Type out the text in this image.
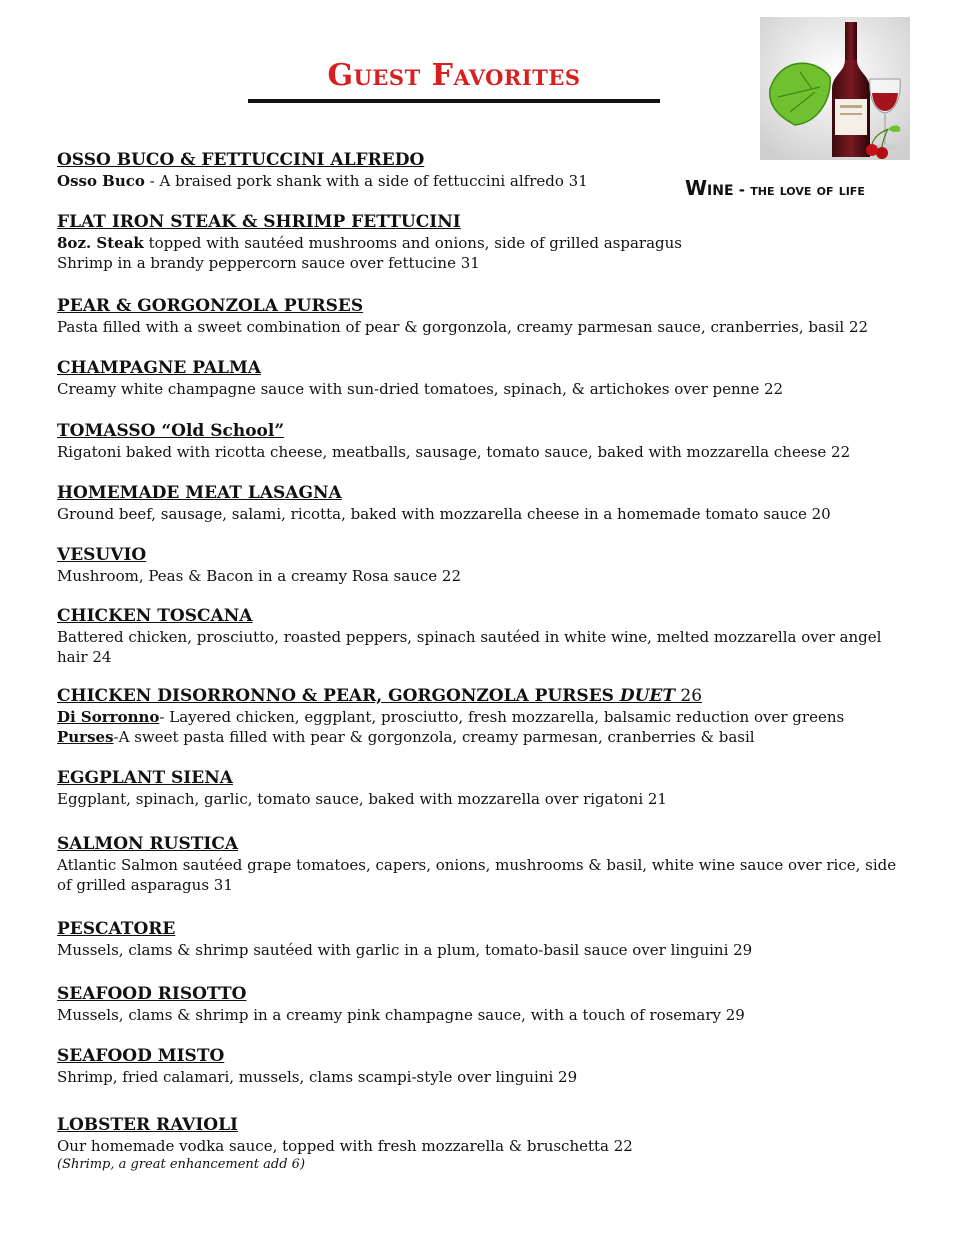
Guest Favorites
Wine - the love of life
OSSO BUCO & FETTUCCINI ALFREDO
Osso Buco - A braised pork shank with a side of fettuccini alfredo 31
FLAT IRON STEAK & SHRIMP FETTUCINI
8oz. Steak topped with sautéed mushrooms and onions, side of grilled asparagus
Shrimp in a brandy peppercorn sauce over fettucine 31
PEAR & GORGONZOLA PURSES
Pasta filled with a sweet combination of pear & gorgonzola, creamy parmesan sauce, cranberries, basil 22
CHAMPAGNE PALMA
Creamy white champagne sauce with sun-dried tomatoes, spinach, & artichokes over penne 22
TOMASSO “Old School”
Rigatoni baked with ricotta cheese, meatballs, sausage, tomato sauce, baked with mozzarella cheese 22
HOMEMADE MEAT LASAGNA
Ground beef, sausage, salami, ricotta, baked with mozzarella cheese in a homemade tomato sauce 20
VESUVIO
Mushroom, Peas & Bacon in a creamy Rosa sauce 22
CHICKEN TOSCANA
Battered chicken, prosciutto, roasted peppers, spinach sautéed in white wine, melted mozzarella over angel hair 24
CHICKEN DISORRONNO & PEAR, GORGONZOLA PURSES DUET 26
Di Sorronno- Layered chicken, eggplant, prosciutto, fresh mozzarella, balsamic reduction over greens
Purses-A sweet pasta filled with pear & gorgonzola, creamy parmesan, cranberries & basil
EGGPLANT SIENA
Eggplant, spinach, garlic, tomato sauce, baked with mozzarella over rigatoni 21
SALMON RUSTICA
Atlantic Salmon sautéed grape tomatoes, capers, onions, mushrooms & basil, white wine sauce over rice, side of grilled asparagus 31
PESCATORE
Mussels, clams & shrimp sautéed with garlic in a plum, tomato-basil sauce over linguini 29
SEAFOOD RISOTTO
Mussels, clams & shrimp in a creamy pink champagne sauce, with a touch of rosemary 29
SEAFOOD MISTO
Shrimp, fried calamari, mussels, clams scampi-style over linguini 29
LOBSTER RAVIOLI
Our homemade vodka sauce, topped with fresh mozzarella & bruschetta 22
(Shrimp, a great enhancement add 6)
